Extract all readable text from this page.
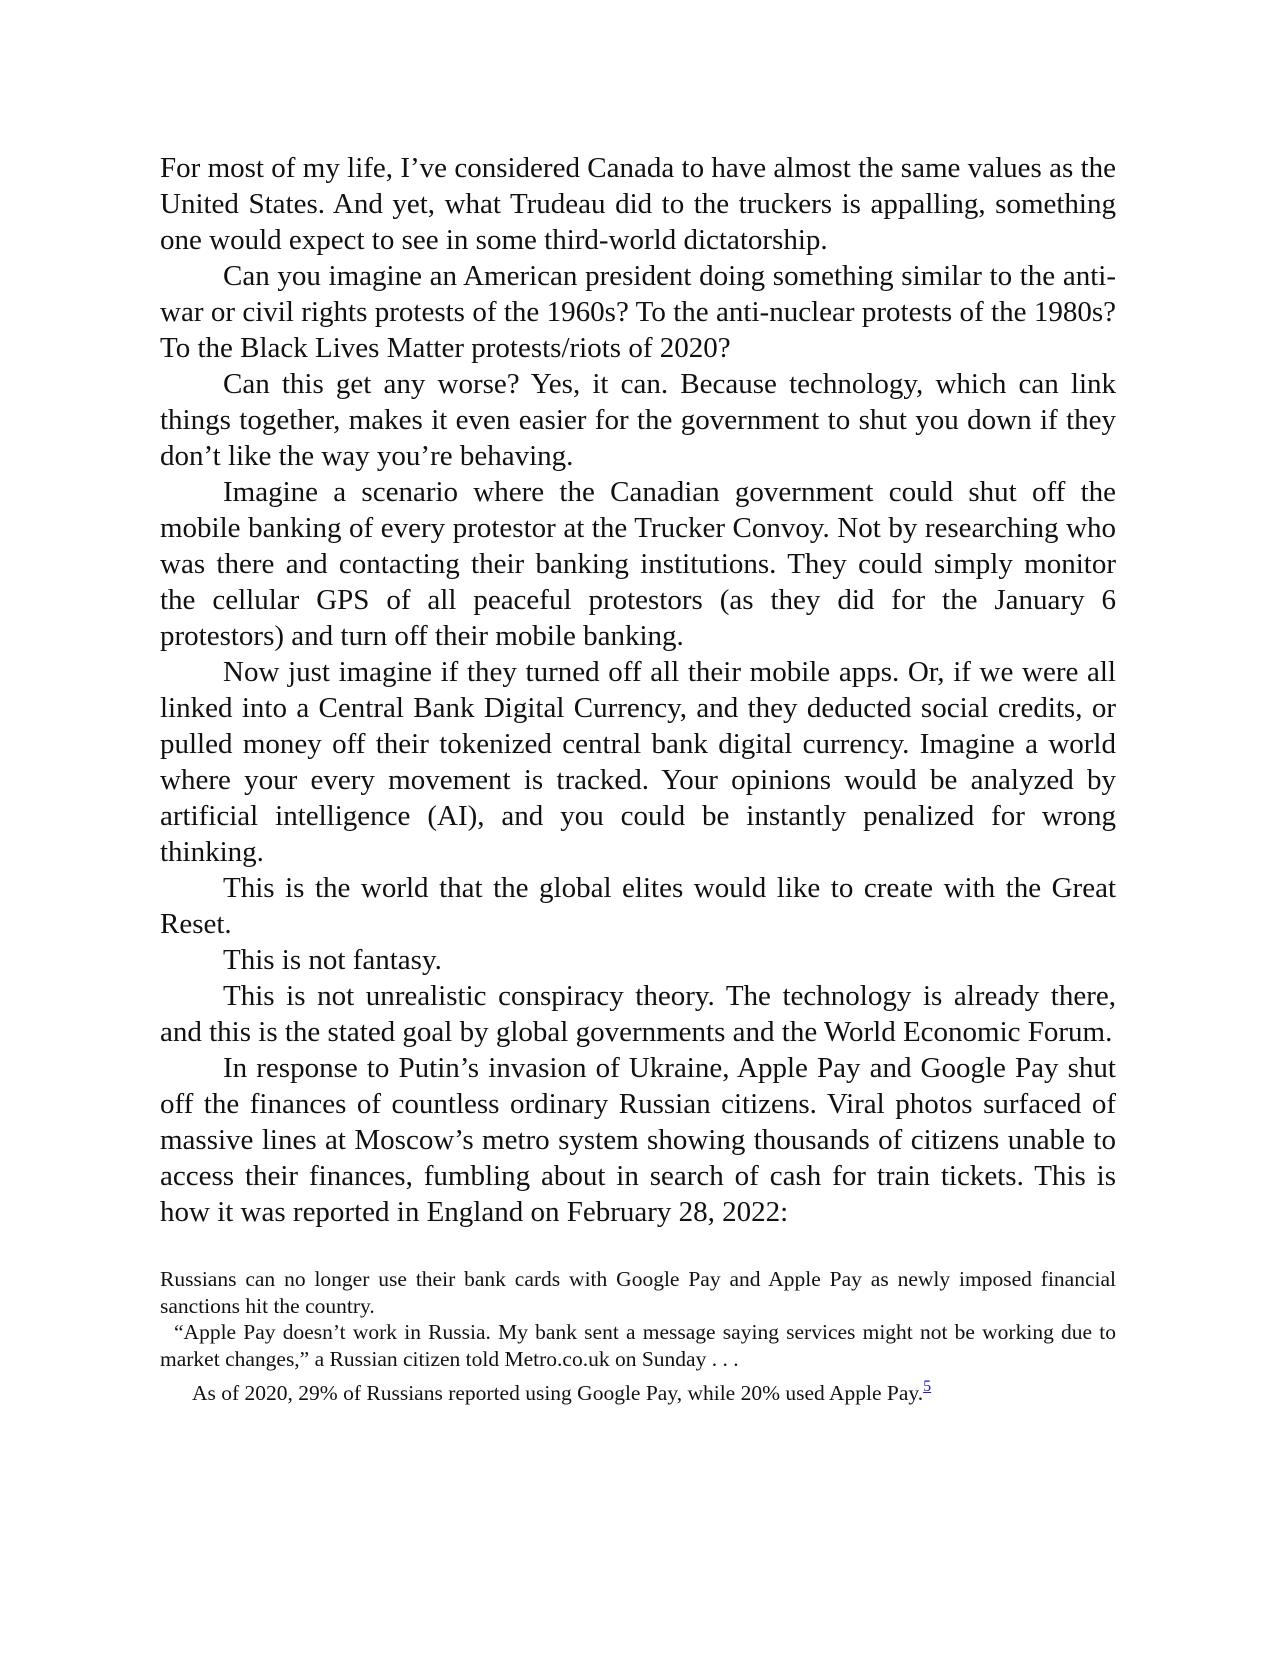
For most of my life, I’ve considered Canada to have almost the same values as the United States. And yet, what Trudeau did to the truckers is appalling, something one would expect to see in some third-world dictatorship.

Can you imagine an American president doing something similar to the anti-war or civil rights protests of the 1960s? To the anti-nuclear protests of the 1980s? To the Black Lives Matter protests/riots of 2020?

Can this get any worse? Yes, it can. Because technology, which can link things together, makes it even easier for the government to shut you down if they don’t like the way you’re behaving.

Imagine a scenario where the Canadian government could shut off the mobile banking of every protestor at the Trucker Convoy. Not by researching who was there and contacting their banking institutions. They could simply monitor the cellular GPS of all peaceful protestors (as they did for the January 6 protestors) and turn off their mobile banking.

Now just imagine if they turned off all their mobile apps. Or, if we were all linked into a Central Bank Digital Currency, and they deducted social credits, or pulled money off their tokenized central bank digital currency. Imagine a world where your every movement is tracked. Your opinions would be analyzed by artificial intelligence (AI), and you could be instantly penalized for wrong thinking.

This is the world that the global elites would like to create with the Great Reset.

This is not fantasy.

This is not unrealistic conspiracy theory. The technology is already there, and this is the stated goal by global governments and the World Economic Forum.

In response to Putin’s invasion of Ukraine, Apple Pay and Google Pay shut off the finances of countless ordinary Russian citizens. Viral photos surfaced of massive lines at Moscow’s metro system showing thousands of citizens unable to access their finances, fumbling about in search of cash for train tickets. This is how it was reported in England on February 28, 2022:

Russians can no longer use their bank cards with Google Pay and Apple Pay as newly imposed financial sanctions hit the country.

“Apple Pay doesn’t work in Russia. My bank sent a message saying services might not be working due to market changes,” a Russian citizen told Metro.co.uk on Sunday . . .

As of 2020, 29% of Russians reported using Google Pay, while 20% used Apple Pay.$^5$
